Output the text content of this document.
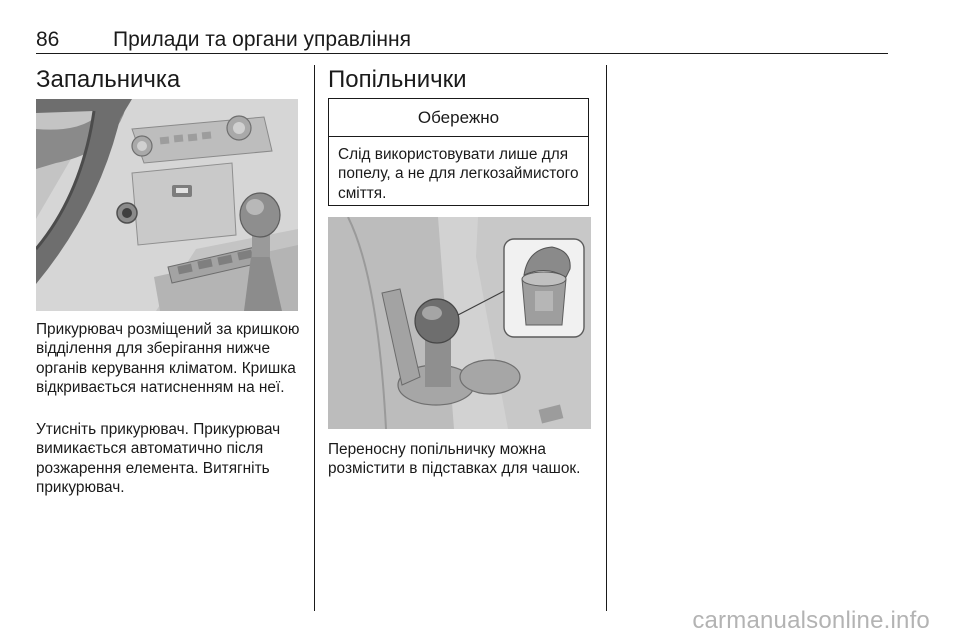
86	Прилади та органи управління
Запальничка

Прикурювач розміщений за кришкою відділення для зберігання нижче органів керування кліматом. Кришка відкривається натисненням на неї.

Утисніть прикурювач. Прикурювач вимикається автоматично після розжарення елемента. Витягніть прикурювач.

Попільнички
Обережно
Слід використовувати лише для попелу, а не для легкозаймистого сміття.

Переносну попільничку можна розмістити в підставках для чашок.

carmanualsonline.info
